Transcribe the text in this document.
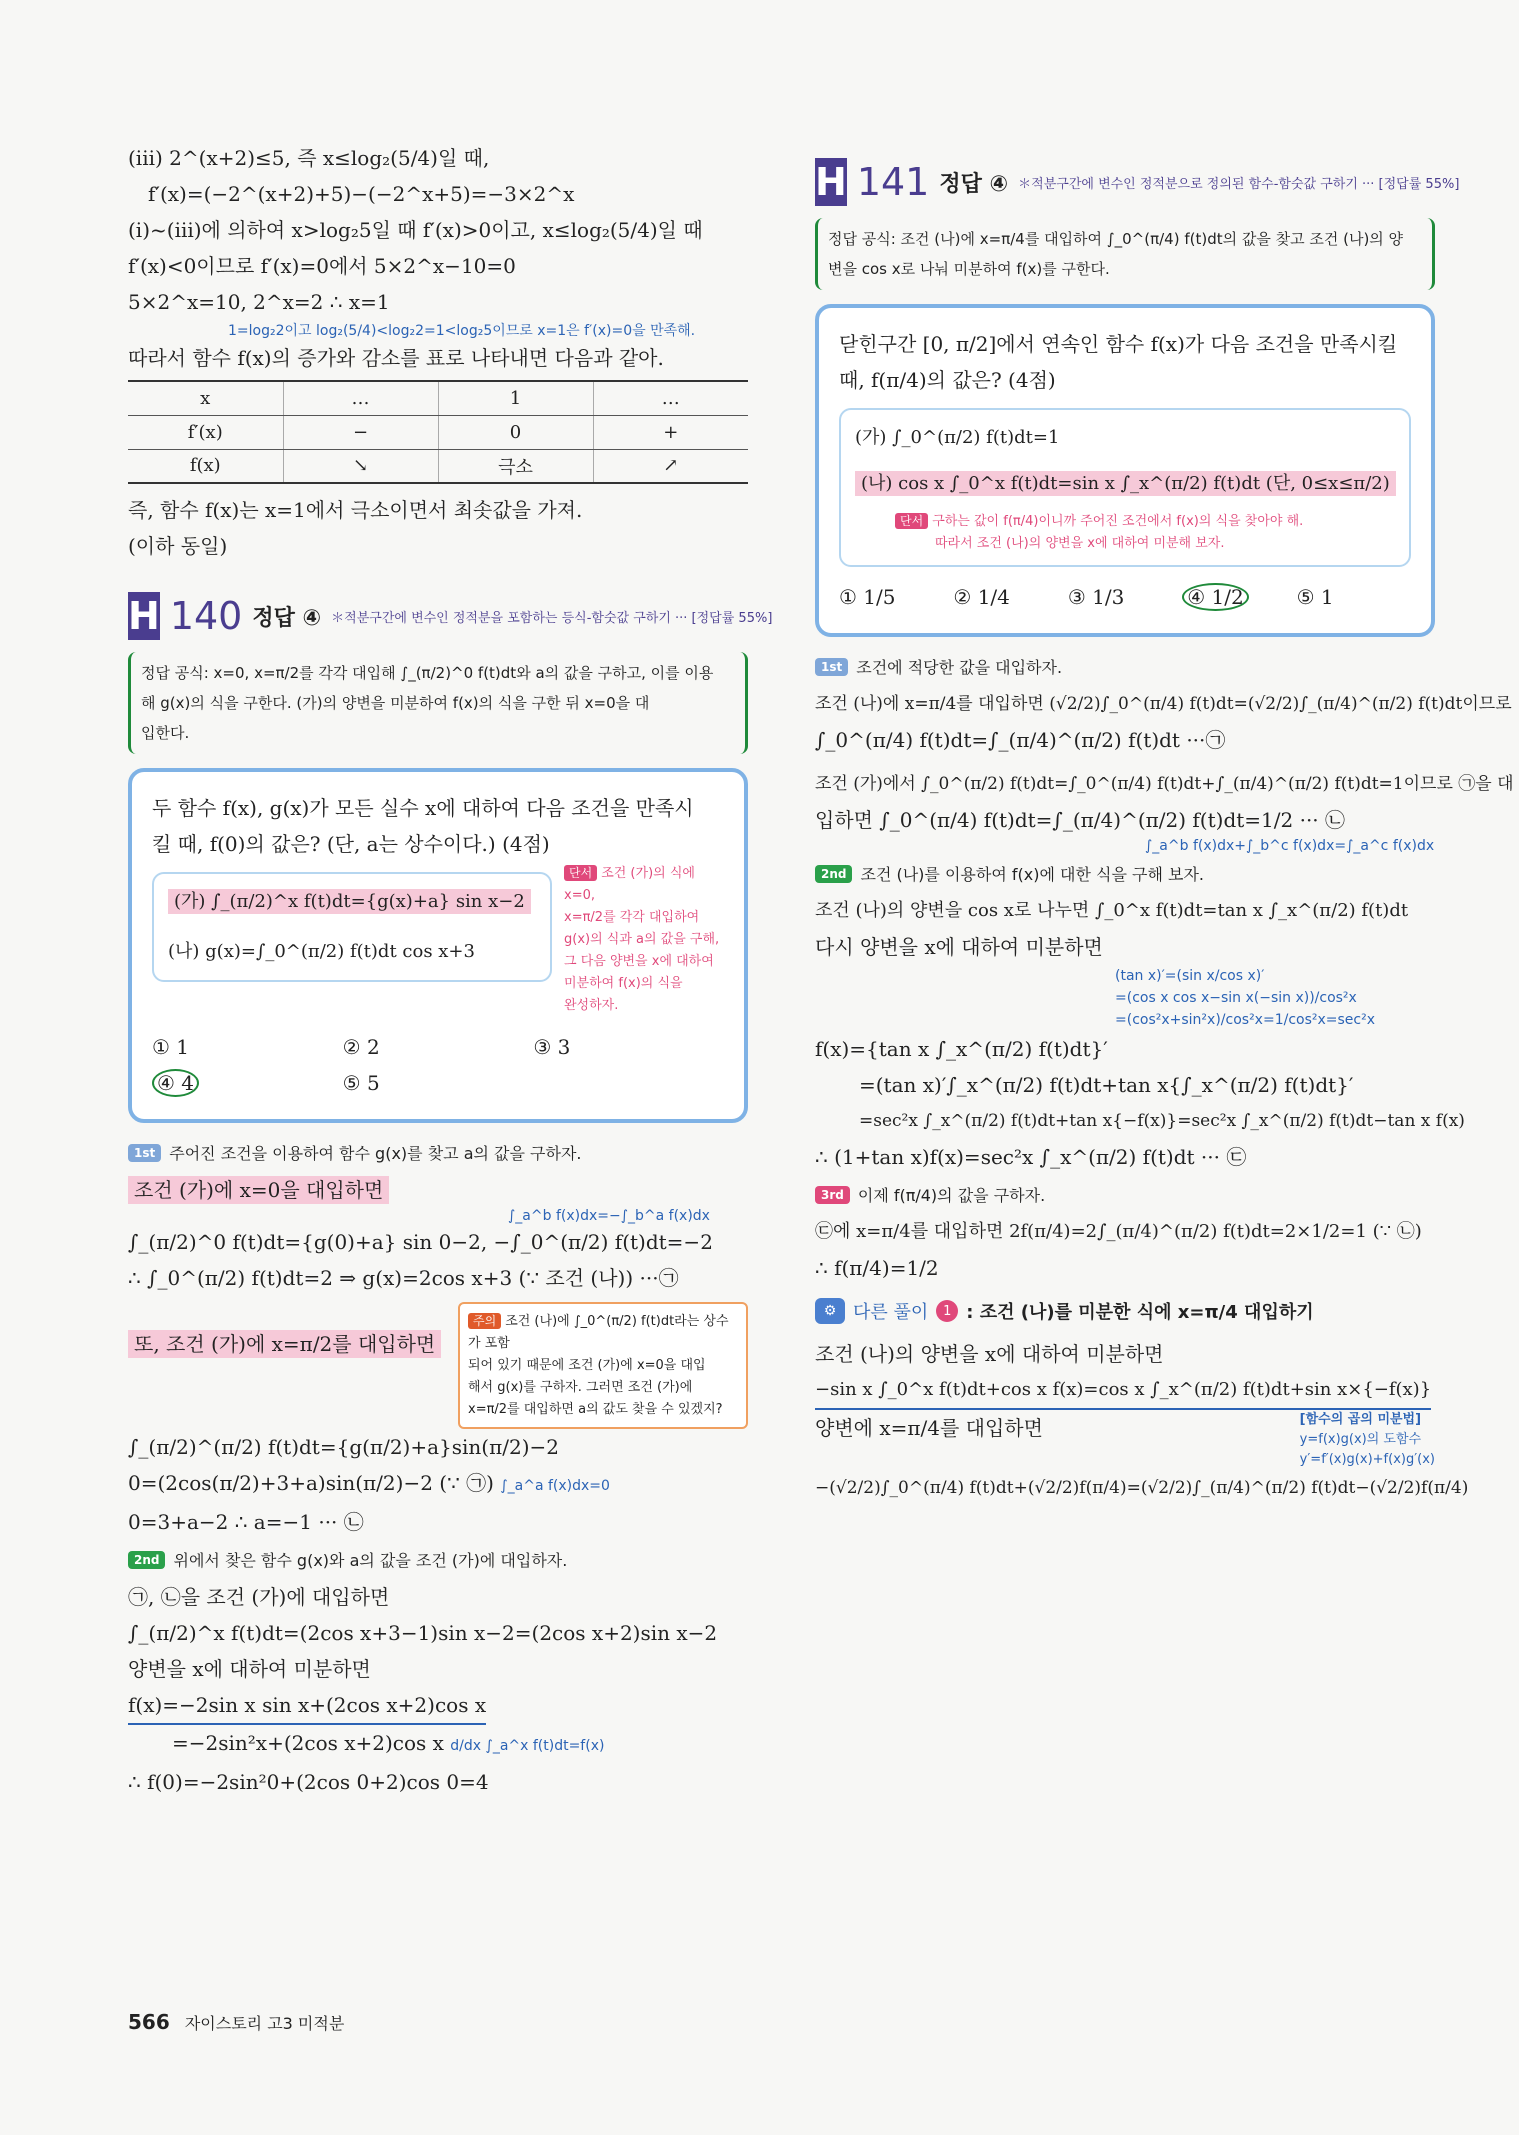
(iii) 2^(x+2)≤5, 즉 x≤log₂(5/4)일 때,
f′(x)=(−2^(x+2)+5)−(−2^x+5)=−3×2^x
(i)~(iii)에 의하여 x>log₂5일 때 f′(x)>0이고, x≤log₂(5/4)일 때
f′(x)<0이므로 f′(x)=0에서 5×2^x−10=0
5×2^x=10, 2^x=2 ∴ x=1
1=log₂2이고 log₂(5/4)<log₂2=1<log₂5이므로 x=1은 f′(x)=0을 만족해.
따라서 함수 f(x)의 증가와 감소를 표로 나타내면 다음과 같아.
x	…	1	…
f′(x)	−	0	+
f(x)	↘	극소	↗
즉, 함수 f(x)는 x=1에서 극소이면서 최솟값을 가져.
(이하 동일)
H 140 정답 ④ ＊적분구간에 변수인 정적분을 포함하는 등식-함숫값 구하기 ··· [정답률 55%]
정답 공식: x=0, x=π/2를 각각 대입해 ∫_(π/2)^0 f(t)dt와 a의 값을 구하고, 이를 이용
해 g(x)의 식을 구한다. (가)의 양변을 미분하여 f(x)의 식을 구한 뒤 x=0을 대
입한다.
두 함수 f(x), g(x)가 모든 실수 x에 대하여 다음 조건을 만족시
킬 때, f(0)의 값은? (단, a는 상수이다.) (4점)
(가) ∫_(π/2)^x f(t)dt={g(x)+a} sin x−2
(나) g(x)=∫_0^(π/2) f(t)dt cos x+3
단서 조건 (가)의 식에 x=0,
x=π/2를 각각 대입하여
g(x)의 식과 a의 값을 구해,
그 다음 양변을 x에 대하여
미분하여 f(x)의 식을
완성하자.
① 1	② 2	③ 3
④ 4	⑤ 5
1st 주어진 조건을 이용하여 함수 g(x)를 찾고 a의 값을 구하자.
조건 (가)에 x=0을 대입하면
∫_a^b f(x)dx=−∫_b^a f(x)dx
∫_(π/2)^0 f(t)dt={g(0)+a} sin 0−2, −∫_0^(π/2) f(t)dt=−2
∴ ∫_0^(π/2) f(t)dt=2 ⇒ g(x)=2cos x+3 (∵ 조건 (나)) ···㉠
또, 조건 (가)에 x=π/2를 대입하면
주의 조건 (나)에 ∫_0^(π/2) f(t)dt라는 상수가 포함
되어 있기 때문에 조건 (가)에 x=0을 대입
해서 g(x)를 구하자. 그러면 조건 (가)에
x=π/2를 대입하면 a의 값도 찾을 수 있겠지?
∫_(π/2)^(π/2) f(t)dt={g(π/2)+a}sin(π/2)−2
0=(2cos(π/2)+3+a)sin(π/2)−2 (∵ ㉠) ∫_a^a f(x)dx=0
0=3+a−2 ∴ a=−1 ··· ㉡
2nd 위에서 찾은 함수 g(x)와 a의 값을 조건 (가)에 대입하자.
㉠, ㉡을 조건 (가)에 대입하면
∫_(π/2)^x f(t)dt=(2cos x+3−1)sin x−2=(2cos x+2)sin x−2
양변을 x에 대하여 미분하면
f(x)=−2sin x sin x+(2cos x+2)cos x
=−2sin²x+(2cos x+2)cos x d/dx ∫_a^x f(t)dt=f(x)
∴ f(0)=−2sin²0+(2cos 0+2)cos 0=4
H 141 정답 ④ ＊적분구간에 변수인 정적분으로 정의된 함수-함숫값 구하기 ··· [정답률 55%]
정답 공식: 조건 (나)에 x=π/4를 대입하여 ∫_0^(π/4) f(t)dt의 값을 찾고 조건 (나)의 양
변을 cos x로 나눠 미분하여 f(x)를 구한다.
닫힌구간 [0, π/2]에서 연속인 함수 f(x)가 다음 조건을 만족시킬
때, f(π/4)의 값은? (4점)
(가) ∫_0^(π/2) f(t)dt=1
(나) cos x ∫_0^x f(t)dt=sin x ∫_x^(π/2) f(t)dt (단, 0≤x≤π/2)
단서 구하는 값이 f(π/4)이니까 주어진 조건에서 f(x)의 식을 찾아야 해.
따라서 조건 (나)의 양변을 x에 대하여 미분해 보자.
① 1/5	② 1/4	③ 1/3	④ 1/2	⑤ 1
1st 조건에 적당한 값을 대입하자.
조건 (나)에 x=π/4를 대입하면 (√2/2)∫_0^(π/4) f(t)dt=(√2/2)∫_(π/4)^(π/2) f(t)dt이므로
∫_0^(π/4) f(t)dt=∫_(π/4)^(π/2) f(t)dt ···㉠
조건 (가)에서 ∫_0^(π/2) f(t)dt=∫_0^(π/4) f(t)dt+∫_(π/4)^(π/2) f(t)dt=1이므로 ㉠을 대
입하면 ∫_0^(π/4) f(t)dt=∫_(π/4)^(π/2) f(t)dt=1/2 ··· ㉡
∫_a^b f(x)dx+∫_b^c f(x)dx=∫_a^c f(x)dx
2nd 조건 (나)를 이용하여 f(x)에 대한 식을 구해 보자.
조건 (나)의 양변을 cos x로 나누면 ∫_0^x f(t)dt=tan x ∫_x^(π/2) f(t)dt
다시 양변을 x에 대하여 미분하면
(tan x)′=(sin x/cos x)′
=(cos x cos x−sin x(−sin x))/cos²x
=(cos²x+sin²x)/cos²x=1/cos²x=sec²x
f(x)={tan x ∫_x^(π/2) f(t)dt}′
=(tan x)′∫_x^(π/2) f(t)dt+tan x{∫_x^(π/2) f(t)dt}′
=sec²x ∫_x^(π/2) f(t)dt+tan x{−f(x)}=sec²x ∫_x^(π/2) f(t)dt−tan x f(x)
∴ (1+tan x)f(x)=sec²x ∫_x^(π/2) f(t)dt ··· ㉢
3rd 이제 f(π/4)의 값을 구하자.
㉢에 x=π/4를 대입하면 2f(π/4)=2∫_(π/4)^(π/2) f(t)dt=2×1/2=1 (∵ ㉡)
∴ f(π/4)=1/2
⚙ 다른 풀이	1 : 조건 (나)를 미분한 식에 x=π/4 대입하기
조건 (나)의 양변을 x에 대하여 미분하면
−sin x ∫_0^x f(t)dt+cos x f(x)=cos x ∫_x^(π/2) f(t)dt+sin x×{−f(x)}
양변에 x=π/4를 대입하면	[함수의 곱의 미분법]
y=f(x)g(x)의 도함수
y′=f′(x)g(x)+f(x)g′(x)
−(√2/2)∫_0^(π/4) f(t)dt+(√2/2)f(π/4)=(√2/2)∫_(π/4)^(π/2) f(t)dt−(√2/2)f(π/4)
566 자이스토리 고3 미적분
